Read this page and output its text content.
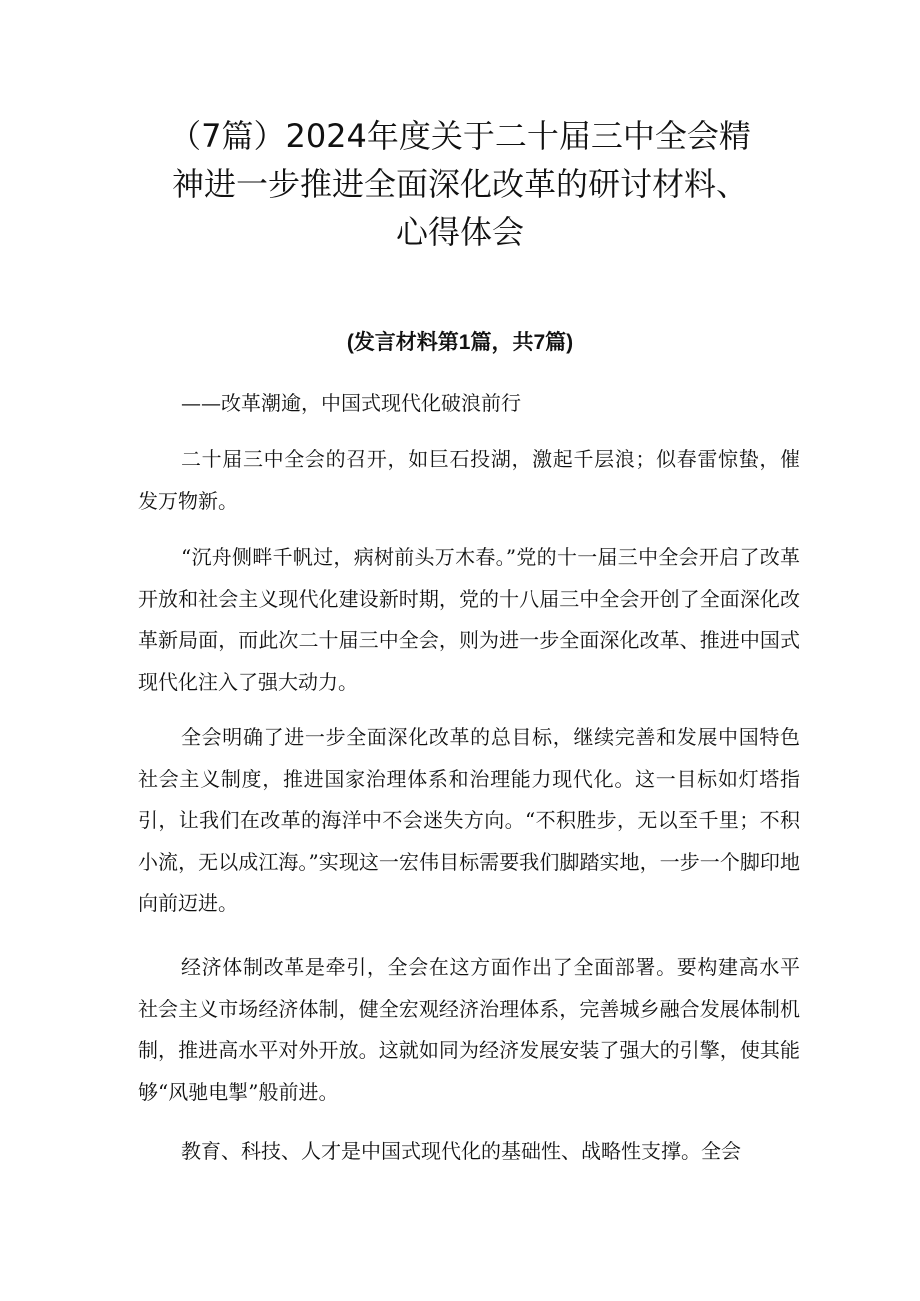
（7篇）2024年度关于二十届三中全会精
神进一步推进全面深化改革的研讨材料、
心得体会

(发言材料第1篇，共7篇)

——改革潮逾，中国式现代化破浪前行

二十届三中全会的召开，如巨石投湖，激起千层浪；似春雷惊蛰，催发万物新。

“沉舟侧畔千帆过，病树前头万木春。”党的十一届三中全会开启了改革开放和社会主义现代化建设新时期，党的十八届三中全会开创了全面深化改革新局面，而此次二十届三中全会，则为进一步全面深化改革、推进中国式现代化注入了强大动力。

全会明确了进一步全面深化改革的总目标，继续完善和发展中国特色社会主义制度，推进国家治理体系和治理能力现代化。这一目标如灯塔指引，让我们在改革的海洋中不会迷失方向。“不积胜步，无以至千里；不积小流，无以成江海。”实现这一宏伟目标需要我们脚踏实地，一步一个脚印地向前迈进。

经济体制改革是牵引，全会在这方面作出了全面部署。要构建高水平社会主义市场经济体制，健全宏观经济治理体系，完善城乡融合发展体制机制，推进高水平对外开放。这就如同为经济发展安装了强大的引擎，使其能够“风驰电掣”般前进。

教育、科技、人才是中国式现代化的基础性、战略性支撑。全会
